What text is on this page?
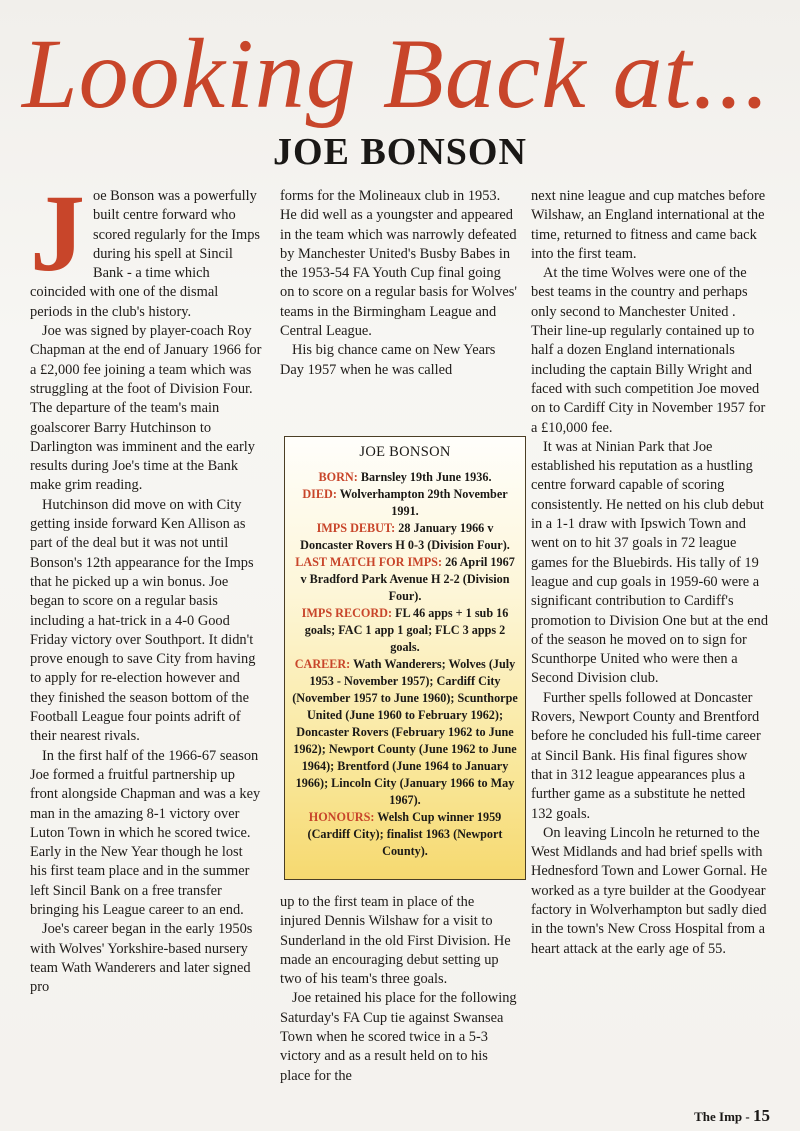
Looking Back at...
JOE BONSON

Joe Bonson was a powerfully built centre forward who scored regularly for the Imps during his spell at Sincil Bank - a time which coincided with one of the dismal periods in the club's history.

Joe was signed by player-coach Roy Chapman at the end of January 1966 for a £2,000 fee joining a team which was struggling at the foot of Division Four. The departure of the team's main goalscorer Barry Hutchinson to Darlington was imminent and the early results during Joe's time at the Bank make grim reading.

Hutchinson did move on with City getting inside forward Ken Allison as part of the deal but it was not until Bonson's 12th appearance for the Imps that he picked up a win bonus. Joe began to score on a regular basis including a hat-trick in a 4-0 Good Friday victory over Southport. It didn't prove enough to save City from having to apply for re-election however and they finished the season bottom of the Football League four points adrift of their nearest rivals.

In the first half of the 1966-67 season Joe formed a fruitful partnership up front alongside Chapman and was a key man in the amazing 8-1 victory over Luton Town in which he scored twice. Early in the New Year though he lost his first team place and in the summer left Sincil Bank on a free transfer bringing his League career to an end.

Joe's career began in the early 1950s with Wolves' Yorkshire-based nursery team Wath Wanderers and later signed pro

forms for the Molineaux club in 1953. He did well as a youngster and appeared in the team which was narrowly defeated by Manchester United's Busby Babes in the 1953-54 FA Youth Cup final going on to score on a regular basis for Wolves' teams in the Birmingham League and Central League.

His big chance came on New Years Day 1957 when he was called

JOE BONSON
BORN: Barnsley 19th June 1936.
DIED: Wolverhampton 29th November 1991.
IMPS DEBUT: 28 January 1966 v Doncaster Rovers H 0-3 (Division Four).
LAST MATCH FOR IMPS: 26 April 1967 v Bradford Park Avenue H 2-2 (Division Four).
IMPS RECORD: FL 46 apps + 1 sub 16 goals; FAC 1 app 1 goal; FLC 3 apps 2 goals.
CAREER: Wath Wanderers; Wolves (July 1953 - November 1957); Cardiff City (November 1957 to June 1960); Scunthorpe United (June 1960 to February 1962); Doncaster Rovers (February 1962 to June 1962); Newport County (June 1962 to June 1964); Brentford (June 1964 to January 1966); Lincoln City (January 1966 to May 1967).
HONOURS: Welsh Cup winner 1959 (Cardiff City); finalist 1963 (Newport County).

up to the first team in place of the injured Dennis Wilshaw for a visit to Sunderland in the old First Division. He made an encouraging debut setting up two of his team's three goals.

Joe retained his place for the following Saturday's FA Cup tie against Swansea Town when he scored twice in a 5-3 victory and as a result held on to his place for the

next nine league and cup matches before Wilshaw, an England international at the time, returned to fitness and came back into the first team.

At the time Wolves were one of the best teams in the country and perhaps only second to Manchester United . Their line-up regularly contained up to half a dozen England internationals including the captain Billy Wright and faced with such competition Joe moved on to Cardiff City in November 1957 for a £10,000 fee.

It was at Ninian Park that Joe established his reputation as a hustling centre forward capable of scoring consistently. He netted on his club debut in a 1-1 draw with Ipswich Town and went on to hit 37 goals in 72 league games for the Bluebirds. His tally of 19 league and cup goals in 1959-60 were a significant contribution to Cardiff's promotion to Division One but at the end of the season he moved on to sign for Scunthorpe United who were then a Second Division club.

Further spells followed at Doncaster Rovers, Newport County and Brentford before he concluded his full-time career at Sincil Bank. His final figures show that in 312 league appearances plus a further game as a substitute he netted 132 goals.

On leaving Lincoln he returned to the West Midlands and had brief spells with Hednesford Town and Lower Gornal. He worked as a tyre builder at the Goodyear factory in Wolverhampton but sadly died in the town's New Cross Hospital from a heart attack at the early age of 55.

The Imp - 15
